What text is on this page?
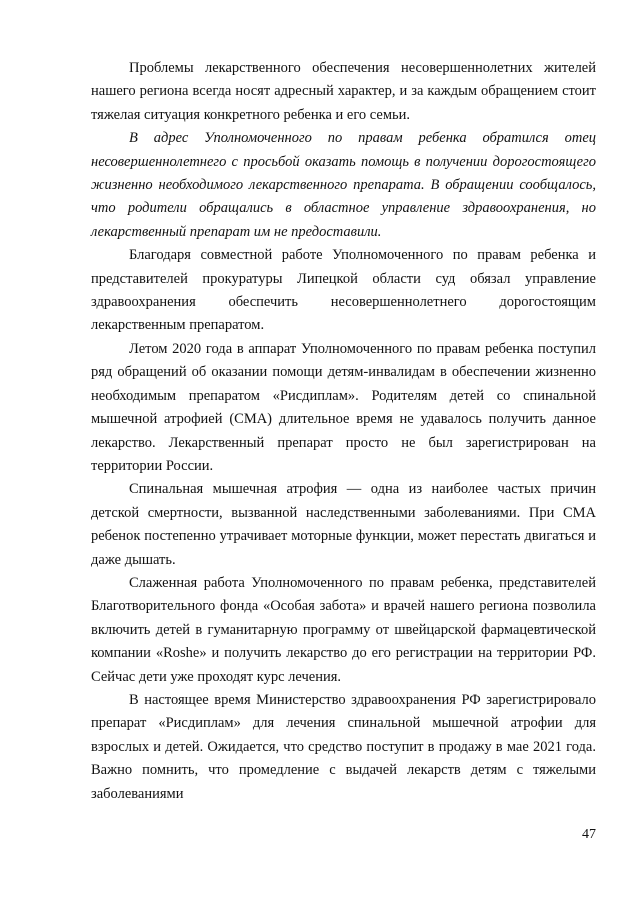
Проблемы лекарственного обеспечения несовершеннолетних жителей нашего региона всегда носят адресный характер, и за каждым обращением стоит тяжелая ситуация конкретного ребенка и его семьи.

В адрес Уполномоченного по правам ребенка обратился отец несовершеннолетнего с просьбой оказать помощь в получении дорогостоящего жизненно необходимого лекарственного препарата. В обращении сообщалось, что родители обращались в областное управление здравоохранения, но лекарственный препарат им не предоставили.

Благодаря совместной работе Уполномоченного по правам ребенка и представителей прокуратуры Липецкой области суд обязал управление здравоохранения обеспечить несовершеннолетнего дорогостоящим лекарственным препаратом.

Летом 2020 года в аппарат Уполномоченного по правам ребенка поступил ряд обращений об оказании помощи детям-инвалидам в обеспечении жизненно необходимым препаратом «Рисдиплам». Родителям детей со спинальной мышечной атрофией (СМА) длительное время не удавалось получить данное лекарство. Лекарственный препарат просто не был зарегистрирован на территории России.

Спинальная мышечная атрофия — одна из наиболее частых причин детской смертности, вызванной наследственными заболеваниями. При СМА ребенок постепенно утрачивает моторные функции, может перестать двигаться и даже дышать.

Слаженная работа Уполномоченного по правам ребенка, представителей Благотворительного фонда «Особая забота» и врачей нашего региона позволила включить детей в гуманитарную программу от швейцарской фармацевтической компании «Roshe» и получить лекарство до его регистрации на территории РФ. Сейчас дети уже проходят курс лечения.

В настоящее время Министерство здравоохранения РФ зарегистрировало препарат «Рисдиплам» для лечения спинальной мышечной атрофии для взрослых и детей. Ожидается, что средство поступит в продажу в мае 2021 года. Важно помнить, что промедление с выдачей лекарств детям с тяжелыми заболеваниями

47
